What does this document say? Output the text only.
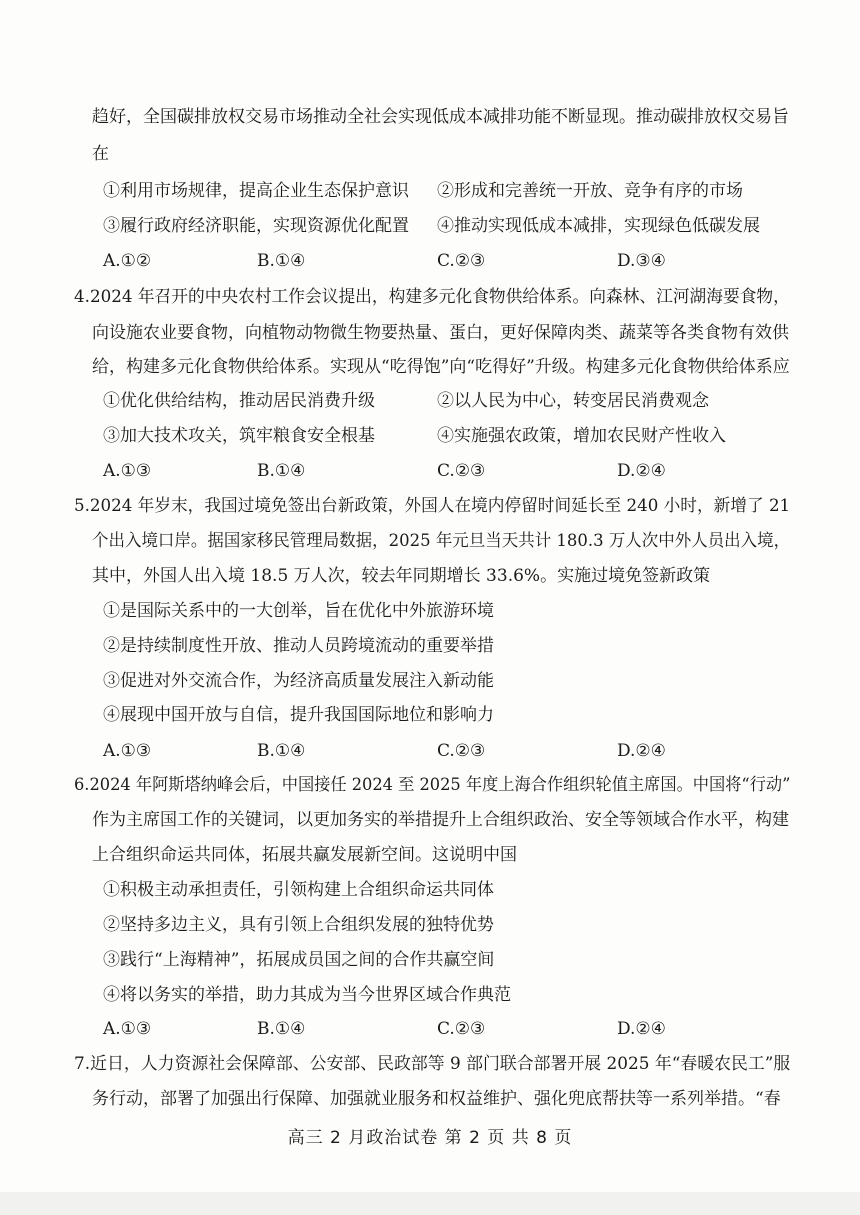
趋好，全国碳排放权交易市场推动全社会实现低成本减排功能不断显现。推动碳排放权交易旨
在
①利用市场规律，提高企业生态保护意识 ②形成和完善统一开放、竞争有序的市场
③履行政府经济职能，实现资源优化配置 ④推动实现低成本减排，实现绿色低碳发展
A.①②	B.①④	C.②③	D.③④
4.2024 年召开的中央农村工作会议提出，构建多元化食物供给体系。向森林、江河湖海要食物，
向设施农业要食物，向植物动物微生物要热量、蛋白，更好保障肉类、蔬菜等各类食物有效供
给，构建多元化食物供给体系。实现从“吃得饱”向“吃得好”升级。构建多元化食物供给体系应
①优化供给结构，推动居民消费升级	②以人民为中心，转变居民消费观念
③加大技术攻关，筑牢粮食安全根基	④实施强农政策，增加农民财产性收入
A.①③	B.①④	C.②③	D.②④
5.2024 年岁末，我国过境免签出台新政策，外国人在境内停留时间延长至 240 小时，新增了 21
个出入境口岸。据国家移民管理局数据，2025 年元旦当天共计 180.3 万人次中外人员出入境，
其中，外国人出入境 18.5 万人次，较去年同期增长 33.6%。实施过境免签新政策
①是国际关系中的一大创举，旨在优化中外旅游环境
②是持续制度性开放、推动人员跨境流动的重要举措
③促进对外交流合作，为经济高质量发展注入新动能
④展现中国开放与自信，提升我国国际地位和影响力
A.①③	B.①④	C.②③	D.②④
6.2024 年阿斯塔纳峰会后，中国接任 2024 至 2025 年度上海合作组织轮值主席国。中国将“行动”
作为主席国工作的关键词，以更加务实的举措提升上合组织政治、安全等领域合作水平，构建
上合组织命运共同体，拓展共赢发展新空间。这说明中国
①积极主动承担责任，引领构建上合组织命运共同体
②坚持多边主义，具有引领上合组织发展的独特优势
③践行“上海精神”，拓展成员国之间的合作共赢空间
④将以务实的举措，助力其成为当今世界区域合作典范
A.①③	B.①④	C.②③	D.②④
7.近日，人力资源社会保障部、公安部、民政部等 9 部门联合部署开展 2025 年“春暖农民工”服
务行动，部署了加强出行保障、加强就业服务和权益维护、强化兜底帮扶等一系列举措。“春
高三 2 月政治试卷 第 2 页 共 8 页
